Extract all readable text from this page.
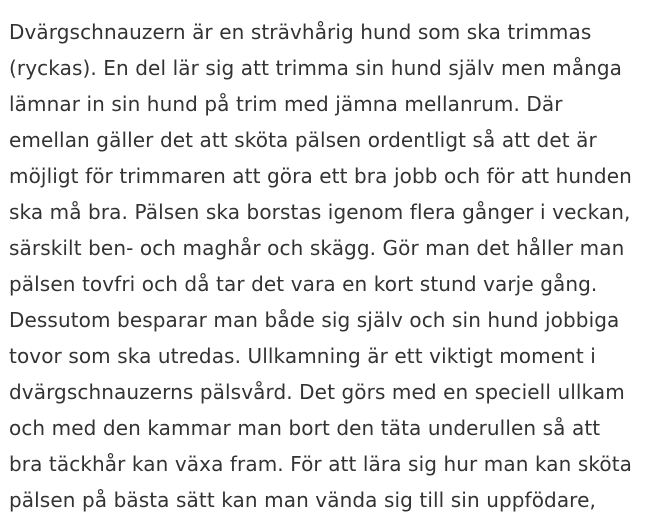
Dvärgschnauzern är en strävhårig hund som ska trimmas
(ryckas). En del lär sig att trimma sin hund själv men många
lämnar in sin hund på trim med jämna mellanrum. Där
emellan gäller det att sköta pälsen ordentligt så att det är
möjligt för trimmaren att göra ett bra jobb och för att hunden
ska må bra. Pälsen ska borstas igenom flera gånger i veckan,
särskilt ben- och maghår och skägg. Gör man det håller man
pälsen tovfri och då tar det vara en kort stund varje gång.
Dessutom besparar man både sig själv och sin hund jobbiga
tovor som ska utredas. Ullkamning är ett viktigt moment i
dvärgschnauzerns pälsvård. Det görs med en speciell ullkam
och med den kammar man bort den täta underullen så att
bra täckhår kan växa fram. För att lära sig hur man kan sköta
pälsen på bästa sätt kan man vända sig till sin uppfödare,
